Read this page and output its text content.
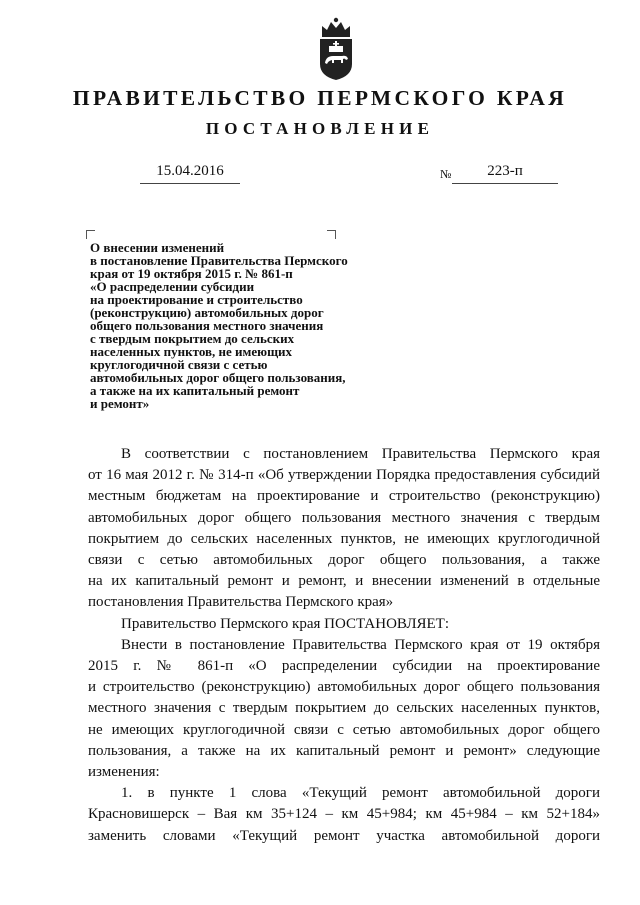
ПРАВИТЕЛЬСТВО ПЕРМСКОГО КРАЯ
ПОСТАНОВЛЕНИЕ
15.04.2016	№	223-п
О внесении изменений
в постановление Правительства Пермского
края от 19 октября 2015 г. № 861-п
«О распределении субсидии
на проектирование и строительство
(реконструкцию) автомобильных дорог
общего пользования местного значения
с твердым покрытием до сельских
населенных пунктов, не имеющих
круглогодичной связи с сетью
автомобильных дорог общего пользования,
а также на их капитальный ремонт
и ремонт»
В соответствии с постановлением Правительства Пермского края
от 16 мая 2012 г. № 314-п «Об утверждении Порядка предоставления субсидий
местным бюджетам на проектирование и строительство (реконструкцию)
автомобильных дорог общего пользования местного значения с твердым
покрытием до сельских населенных пунктов, не имеющих круглогодичной
связи с сетью автомобильных дорог общего пользования, а также
на их капитальный ремонт и ремонт, и внесении изменений в отдельные
постановления Правительства Пермского края»
Правительство Пермского края ПОСТАНОВЛЯЕТ:
Внести в постановление Правительства Пермского края от 19 октября
2015 г. № 861-п «О распределении субсидии на проектирование
и строительство (реконструкцию) автомобильных дорог общего пользования
местного значения с твердым покрытием до сельских населенных пунктов,
не имеющих круглогодичной связи с сетью автомобильных дорог общего
пользования, а также на их капитальный ремонт и ремонт» следующие
изменения:
1. в пункте 1 слова «Текущий ремонт автомобильной дороги
Красновишерск – Вая км 35+124 – км 45+984; км 45+984 – км 52+184»
заменить словами «Текущий ремонт участка автомобильной дороги
